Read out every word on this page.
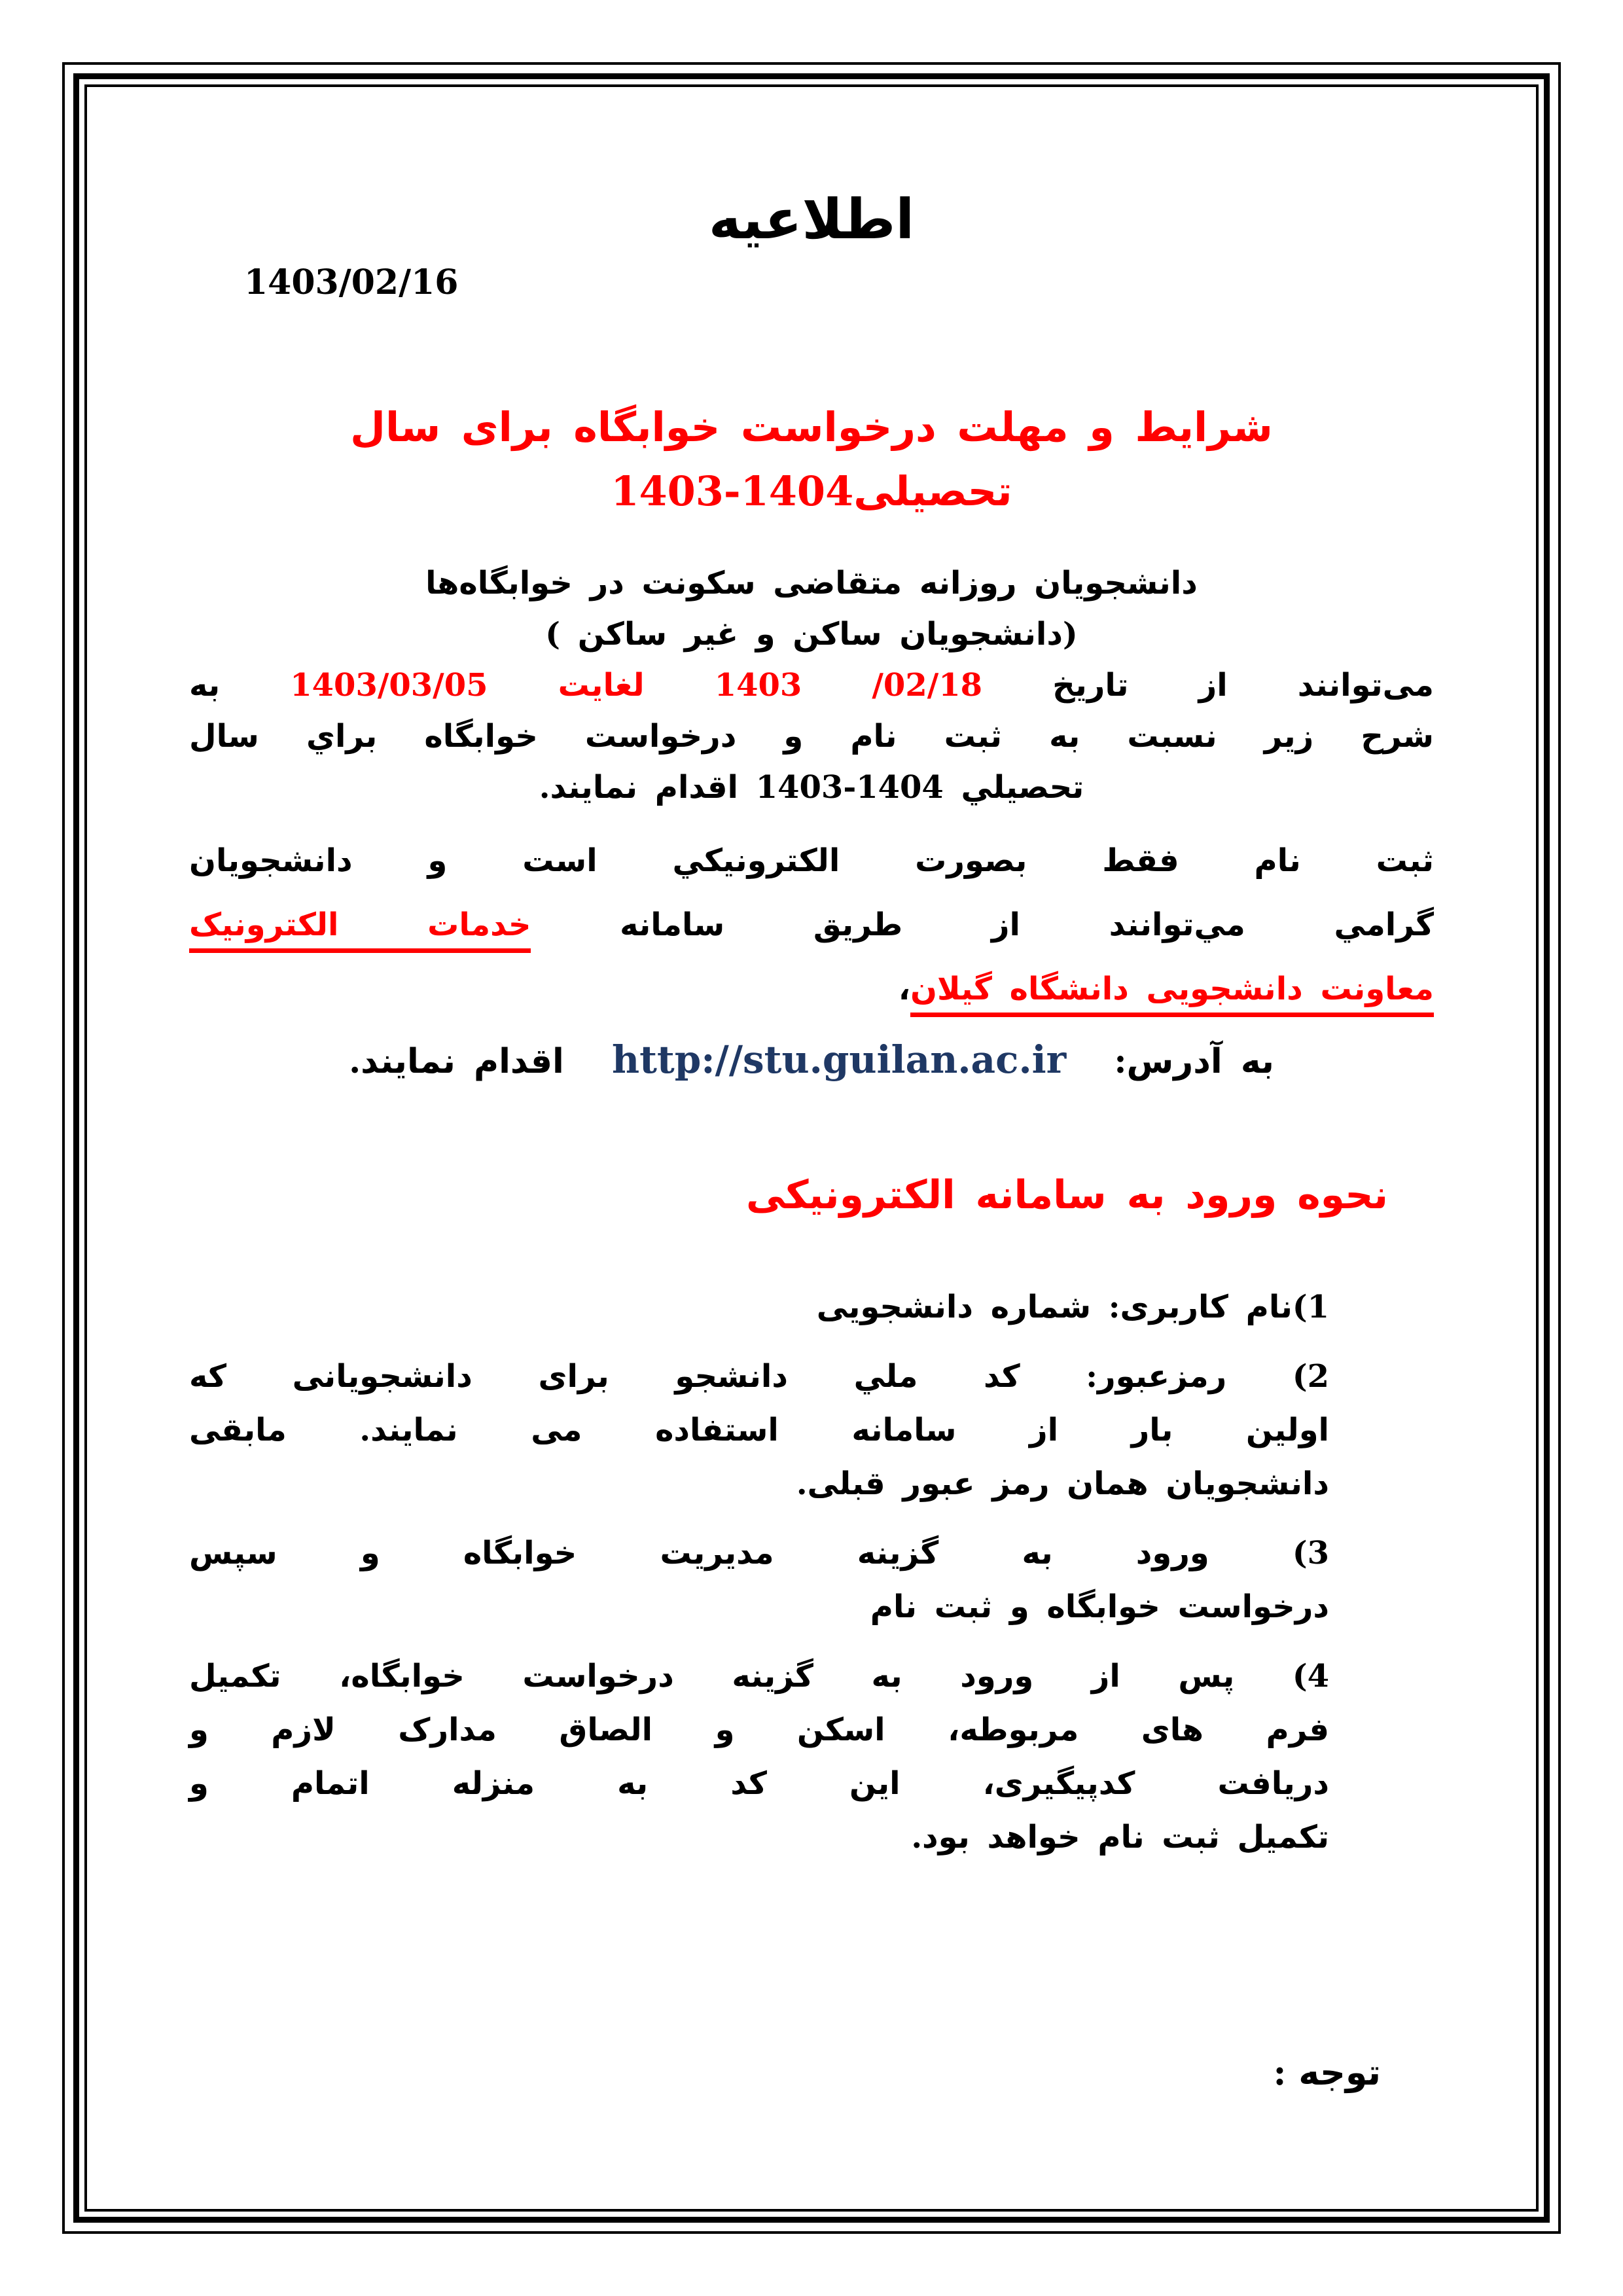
اطلاعیه
1403/02/16
شرایط و مهلت درخواست خوابگاه برای سال
تحصیلی1403-1404
دانشجویان روزانه متقاضی سکونت در خوابگاه‌ها
(دانشجویان ساکن و غیر ساکن )
می‌توانند از تاریخ 1403 /02/18 لغایت 1403/03/05 به
شرح زیر نسبت به ثبت نام و درخواست خوابگاه براي سال
تحصيلي 1403-1404 اقدام نمایند.
ثبت نام فقط بصورت الکترونیکي است و دانشجویان
گرامي مي‌توانند از طریق سامانه خدمات الکترونیک
معاونت دانشجویی دانشگاه گیلان،
به آدرس: http://stu.guilan.ac.ir اقدام نمایند.
نحوه ورود به سامانه الکترونیکی
1)نام کاربری: شماره دانشجویی
2) رمزعبور: کد ملي دانشجو برای دانشجویانی که
اولین بار از سامانه استفاده می نمایند. مابقی
دانشجویان همان رمز عبور قبلی.
3) ورود به گزینه مدیریت خوابگاه و سپس
درخواست خوابگاه و ثبت نام
4) پس از ورود به گزینه درخواست خوابگاه، تکمیل
فرم های مربوطه، اسکن و الصاق مدارک لازم و
دریافت کدپیگیری، این کد به منزله اتمام و
تکمیل ثبت نام خواهد بود.
توجه :
